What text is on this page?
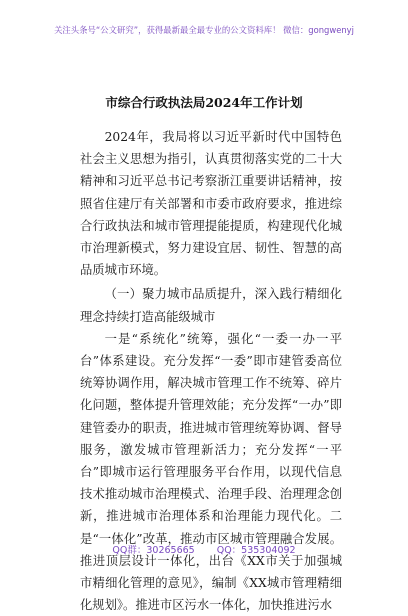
关注头条号“公文研究”，获得最新最全最专业的公文资料库！ 微信：gongwenyj
市综合行政执法局2024年工作计划

2024年，我局将以习近平新时代中国特色社会主义思想为指引，认真贯彻落实党的二十大精神和习近平总书记考察浙江重要讲话精神，按照省住建厅有关部署和市委市政府要求，推进综合行政执法和城市管理提能提质，构建现代化城市治理新模式，努力建设宜居、韧性、智慧的高品质城市环境。

（一）聚力城市品质提升，深入践行精细化理念持续打造高能级城市

一是“系统化”统筹，强化“一委一办一平台”体系建设。充分发挥“一委”即市建管委高位统筹协调作用，解决城市管理工作不统筹、碎片化问题，整体提升管理效能；充分发挥“一办”即建管委办的职责，推进城市管理统筹协调、督导服务，激发城市管理新活力；充分发挥“一平台”即城市运行管理服务平台作用，以现代信息技术推动城市治理模式、治理手段、治理理念创新，推进城市治理体系和治理能力现代化。二是“一体化”改革，推动市区城市管理融合发展。推进顶层设计一体化，出台《XX市关于加强城市精细化管理的意见》，编制《XX城市管理精细化规划》。推进市区污水一体化，加快推进污水

QQ群：30265665 QQ：535304092
